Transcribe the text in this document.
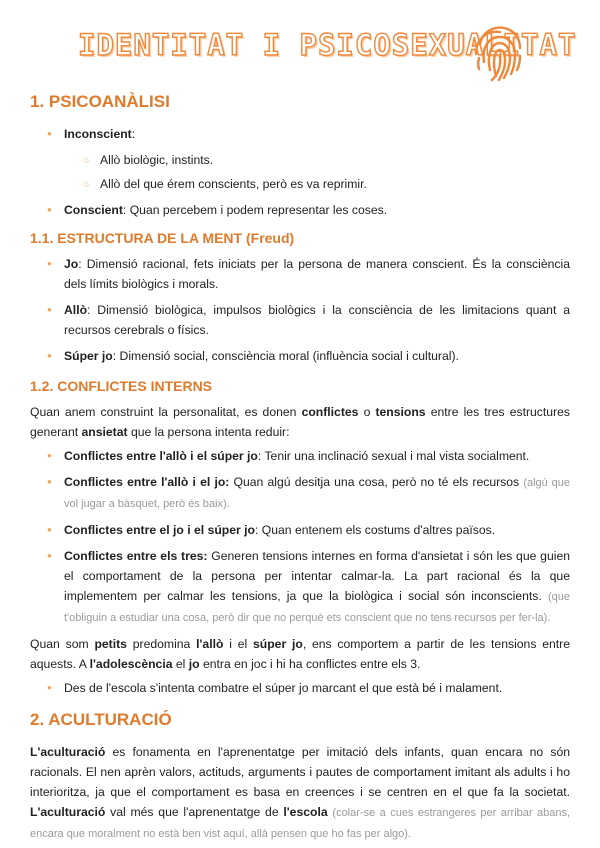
IDENTITAT I PSICOSEXUALITAT
1. PSICOANÀLISI
● Inconscient:
○ Allò biològic, instints.
○ Allò del que érem conscients, però es va reprimir.
● Conscient: Quan percebem i podem representar les coses.
1.1. ESTRUCTURA DE LA MENT (Freud)
● Jo: Dimensió racional, fets iniciats per la persona de manera conscient. És la consciència dels límits biològics i morals.
● Allò: Dimensió biològica, impulsos biològics i la consciència de les limitacions quant a recursos cerebrals o físics.
● Súper jo: Dimensió social, consciència moral (influència social i cultural).
1.2. CONFLICTES INTERNS

Quan anem construint la personalitat, es donen conflictes o tensions entre les tres estructures generant ansietat que la persona intenta reduir:

● Conflictes entre l'allò i el súper jo: Tenir una inclinació sexual i mal vista socialment.
● Conflictes entre l'allò i el jo: Quan algú desitja una cosa, però no té els recursos (algú que vol jugar a bàsquet, però és baix).
● Conflictes entre el jo i el súper jo: Quan entenem els costums d'altres països.
● Conflictes entre els tres: Generen tensions internes en forma d'ansietat i són les que guien el comportament de la persona per intentar calmar-la. La part racional és la que implementem per calmar les tensions, ja que la biològica i social són inconscients. (que t'obliguin a estudiar una cosa, però dir que no perquè ets conscient que no tens recursos per fer-la).

Quan som petits predomina l'allò i el súper jo, ens comportem a partir de les tensions entre aquests. A l'adolescència el jo entra en joc i hi ha conflictes entre els 3.

● Des de l'escola s'intenta combatre el súper jo marcant el que està bé i malament.
2. ACULTURACIÓ

L'aculturació es fonamenta en l'aprenentatge per imitació dels infants, quan encara no són racionals. El nen aprèn valors, actituds, arguments i pautes de comportament imitant als adults i ho interioritza, ja que el comportament es basa en creences i se centren en el que fa la societat. L'aculturació val més que l'aprenentatge de l'escola (colar-se a cues estrangeres per arribar abans, encara que moralment no està ben vist aquí, allà pensen que ho fas per algo).
